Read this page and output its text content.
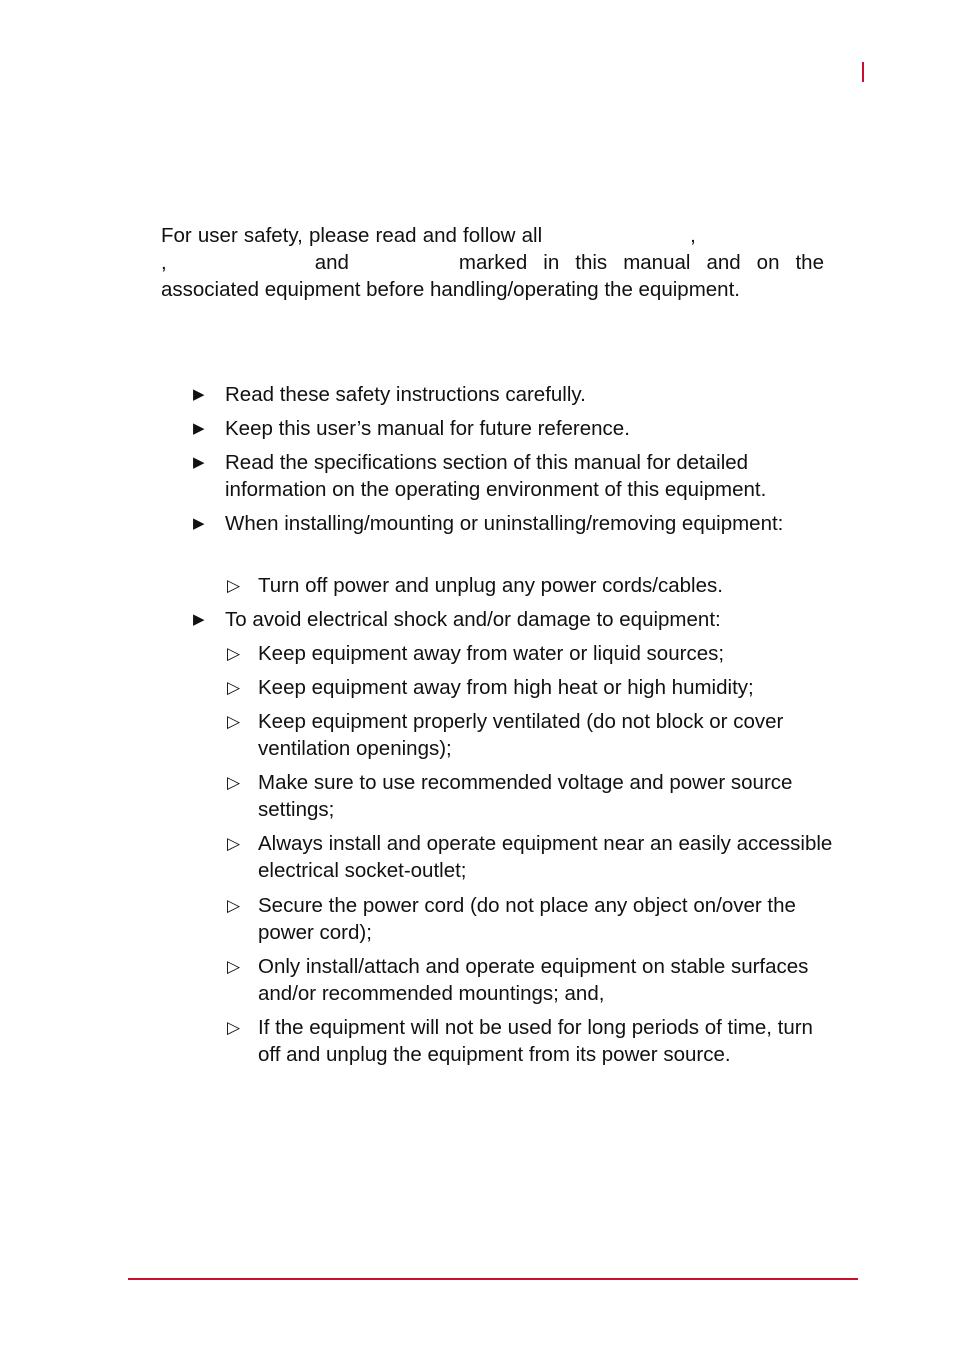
For user safety, please read and follow all	, ,	and	marked in this manual and on the associated equipment before handling/operating the equipment.

▶ Read these safety instructions carefully.
▶ Keep this user’s manual for future reference.
▶ Read the specifications section of this manual for detailed information on the operating environment of this equipment.
▶ When installing/mounting or uninstalling/removing equipment:
▷ Turn off power and unplug any power cords/cables.
▶ To avoid electrical shock and/or damage to equipment:
▷ Keep equipment away from water or liquid sources;
▷ Keep equipment away from high heat or high humidity;
▷ Keep equipment properly ventilated (do not block or cover ventilation openings);
▷ Make sure to use recommended voltage and power source settings;
▷ Always install and operate equipment near an easily accessible electrical socket-outlet;
▷ Secure the power cord (do not place any object on/over the power cord);
▷ Only install/attach and operate equipment on stable surfaces and/or recommended mountings; and,
▷ If the equipment will not be used for long periods of time, turn off and unplug the equipment from its power source.
